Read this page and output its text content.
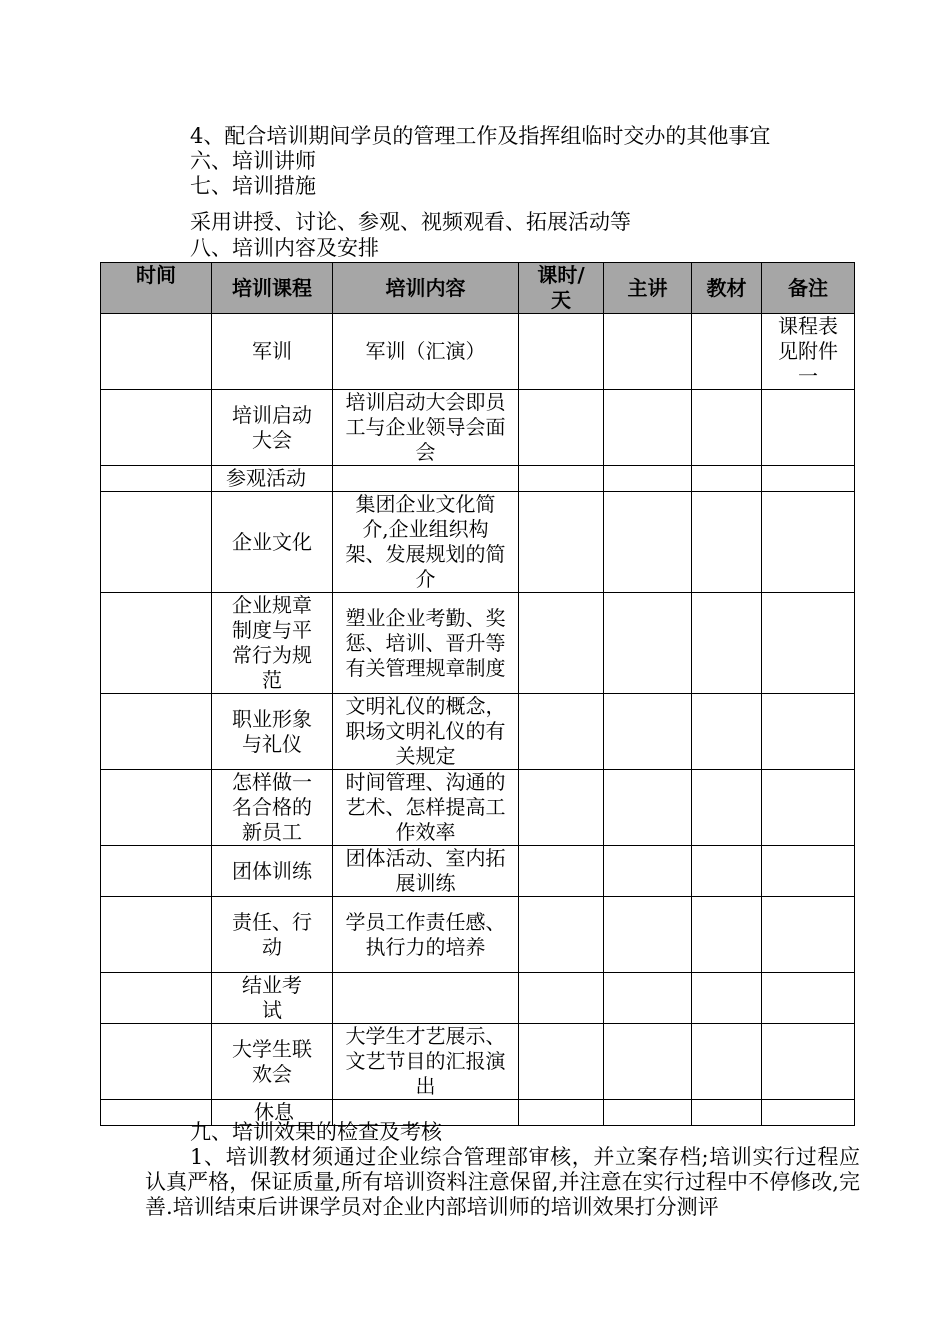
4、配合培训期间学员的管理工作及指挥组临时交办的其他事宜
六、培训讲师
七、培训措施
采用讲授、讨论、参观、视频观看、拓展活动等
八、培训内容及安排
时间	培训课程	培训内容	课时/天	主讲	教材	备注
	军训	军训（汇演）				课程表见附件一
	培训启动大会	培训启动大会即员工与企业领导会面会				
	参观活动					
	企业文化	集团企业文化简介,企业组织构架、发展规划的简介				
	企业规章制度与平常行为规范	塑业企业考勤、奖惩、培训、晋升等有关管理规章制度				
	职业形象与礼仪	文明礼仪的概念，职场文明礼仪的有关规定				
	怎样做一名合格的新员工	时间管理、沟通的艺术、怎样提高工作效率				
	团体训练	团体活动、室内拓展训练				
	责任、行动	学员工作责任感、执行力的培养				
	结业考试					
	大学生联欢会	大学生才艺展示、文艺节目的汇报演出				
	休息					
九、培训效果的检查及考核
1、培训教材须通过企业综合管理部审核，并立案存档;培训实行过程应认真严格，保证质量,所有培训资料注意保留,并注意在实行过程中不停修改,完善.培训结束后讲课学员对企业内部培训师的培训效果打分测评
